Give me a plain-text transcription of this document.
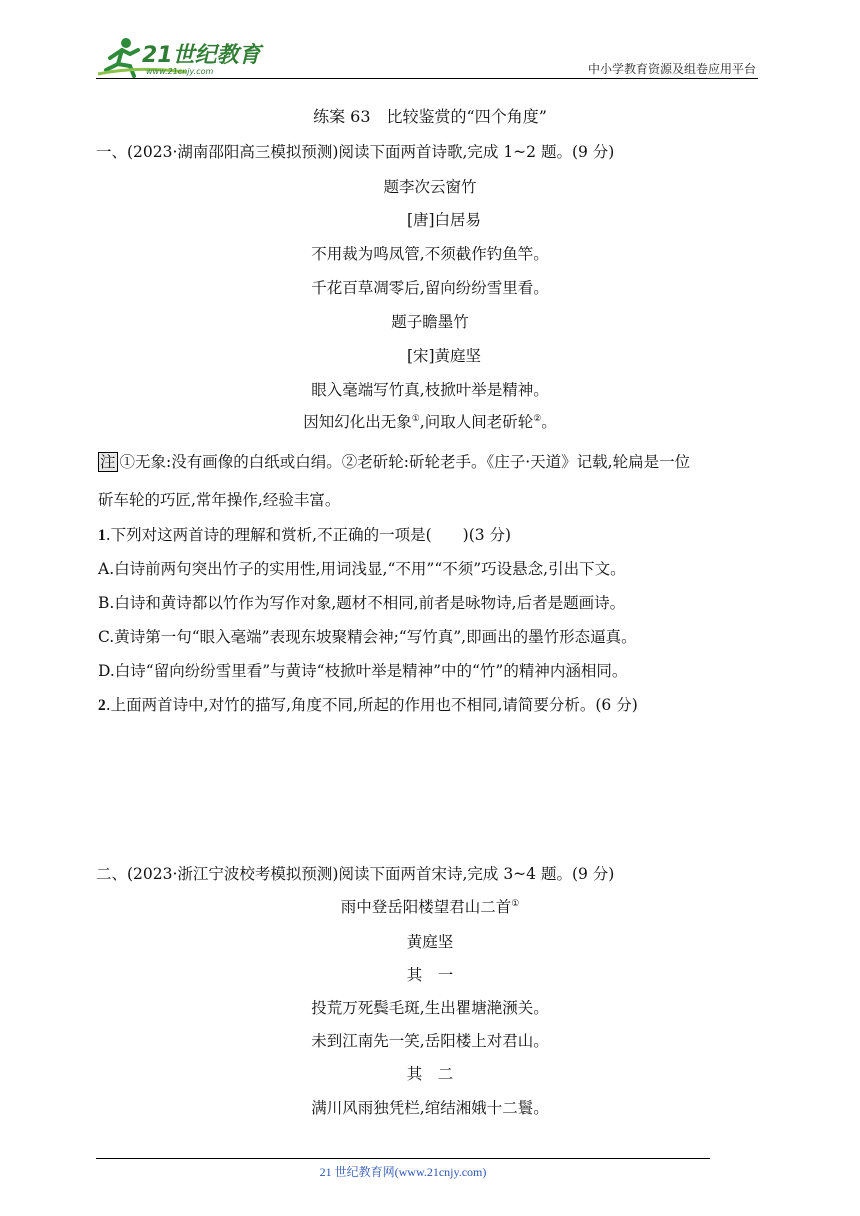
21世纪教育
www.21cnjy.com	中小学教育资源及组卷应用平台
练案 63　比较鉴赏的“四个角度”
一、(2023·湖南邵阳高三模拟预测)阅读下面两首诗歌,完成 1~2 题。(9 分)
题李次云窗竹
[唐]白居易
不用裁为鸣凤管,不须截作钓鱼竿。
千花百草凋零后,留向纷纷雪里看。
题子瞻墨竹
[宋]黄庭坚
眼入毫端写竹真,枝掀叶举是精神。
因知幻化出无象①,问取人间老斫轮②。
注 ①无象:没有画像的白纸或白绢。②老斫轮:斫轮老手。《庄子·天道》记载,轮扁是一位
斫车轮的巧匠,常年操作,经验丰富。
1.下列对这两首诗的理解和赏析,不正确的一项是(　　)(3 分)
A.白诗前两句突出竹子的实用性,用词浅显,“不用”“不须”巧设悬念,引出下文。
B.白诗和黄诗都以竹作为写作对象,题材不相同,前者是咏物诗,后者是题画诗。
C.黄诗第一句“眼入毫端”表现东坡聚精会神;“写竹真”,即画出的墨竹形态逼真。
D.白诗“留向纷纷雪里看”与黄诗“枝掀叶举是精神”中的“竹”的精神内涵相同。
2.上面两首诗中,对竹的描写,角度不同,所起的作用也不相同,请简要分析。(6 分)
二、(2023·浙江宁波校考模拟预测)阅读下面两首宋诗,完成 3~4 题。(9 分)
雨中登岳阳楼望君山二首①
黄庭坚
其　一
投荒万死鬓毛斑,生出瞿塘滟滪关。
未到江南先一笑,岳阳楼上对君山。
其　二
满川风雨独凭栏,绾结湘娥十二鬟。
21 世纪教育网(www.21cnjy.com)
